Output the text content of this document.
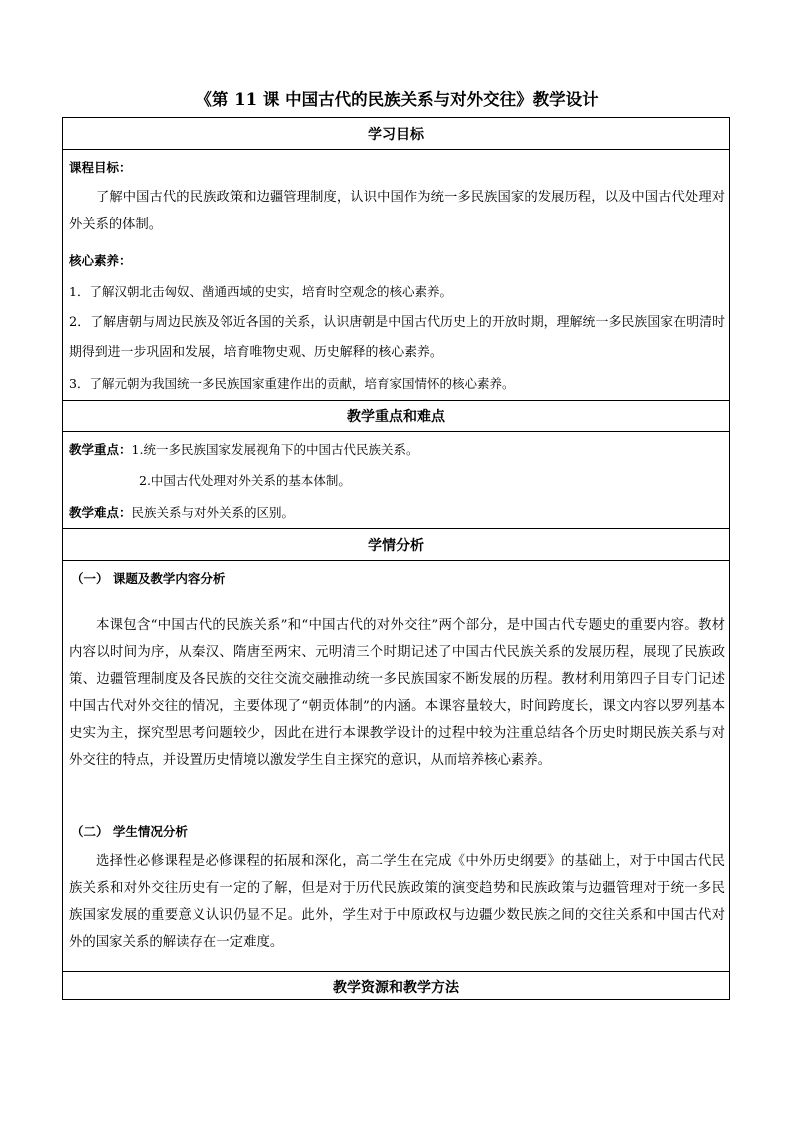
《第 11 课 中国古代的民族关系与对外交往》教学设计
学习目标
课程目标：
了解中国古代的民族政策和边疆管理制度，认识中国作为统一多民族国家的发展历程，以及中国古代处理对外关系的体制。
核心素养：
1．了解汉朝北击匈奴、凿通西域的史实，培育时空观念的核心素养。
2．了解唐朝与周边民族及邻近各国的关系，认识唐朝是中国古代历史上的开放时期，理解统一多民族国家在明清时期得到进一步巩固和发展，培育唯物史观、历史解释的核心素养。
3．了解元朝为我国统一多民族国家重建作出的贡献，培育家国情怀的核心素养。
教学重点和难点
教学重点：1.统一多民族国家发展视角下的中国古代民族关系。
2.中国古代处理对外关系的基本体制。
教学难点：民族关系与对外关系的区别。
学情分析
（一） 课题及教学内容分析
本课包含“中国古代的民族关系”和“中国古代的对外交往”两个部分，是中国古代专题史的重要内容。教材内容以时间为序，从秦汉、隋唐至两宋、元明清三个时期记述了中国古代民族关系的发展历程，展现了民族政策、边疆管理制度及各民族的交往交流交融推动统一多民族国家不断发展的历程。教材利用第四子目专门记述中国古代对外交往的情况，主要体现了“朝贡体制”的内涵。本课容量较大，时间跨度长，课文内容以罗列基本史实为主，探究型思考问题较少，因此在进行本课教学设计的过程中较为注重总结各个历史时期民族关系与对外交往的特点，并设置历史情境以激发学生自主探究的意识，从而培养核心素养。
（二） 学生情况分析
选择性必修课程是必修课程的拓展和深化，高二学生在完成《中外历史纲要》的基础上，对于中国古代民族关系和对外交往历史有一定的了解，但是对于历代民族政策的演变趋势和民族政策与边疆管理对于统一多民族国家发展的重要意义认识仍显不足。此外，学生对于中原政权与边疆少数民族之间的交往关系和中国古代对外的国家关系的解读存在一定难度。
教学资源和教学方法
